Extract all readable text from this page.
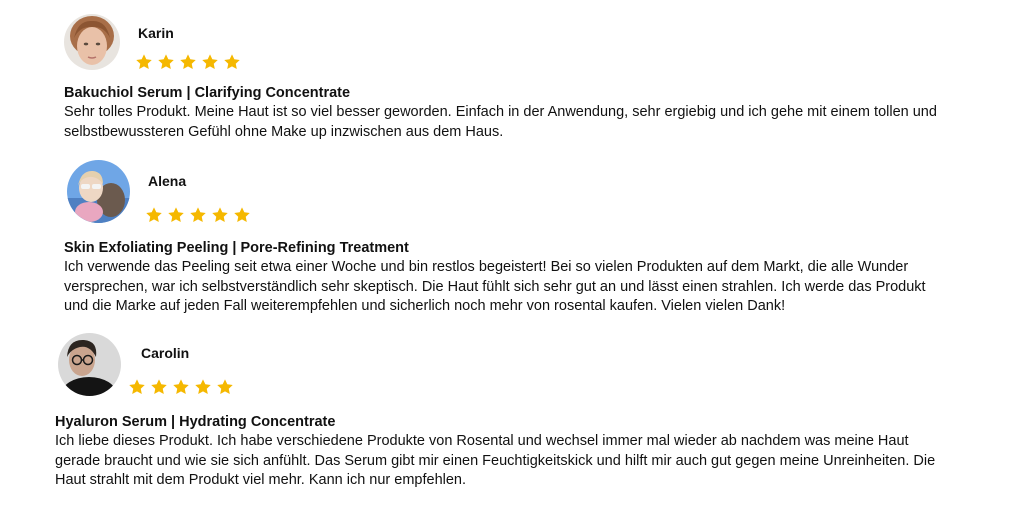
Karin
Bakuchiol Serum | Clarifying Concentrate
Sehr tolles Produkt. Meine Haut ist so viel besser geworden. Einfach in der Anwendung, sehr ergiebig und ich gehe mit einem tollen und
selbstbewussteren Gefühl ohne Make up inzwischen aus dem Haus.
Alena
Skin Exfoliating Peeling | Pore-Refining Treatment
Ich verwende das Peeling seit etwa einer Woche und bin restlos begeistert! Bei so vielen Produkten auf dem Markt, die alle Wunder
versprechen, war ich selbstverständlich sehr skeptisch. Die Haut fühlt sich sehr gut an und lässt einen strahlen. Ich werde das Produkt
und die Marke auf jeden Fall weiterempfehlen und sicherlich noch mehr von rosental kaufen. Vielen vielen Dank!
Carolin
Hyaluron Serum | Hydrating Concentrate
Ich liebe dieses Produkt. Ich habe verschiedene Produkte von Rosental und wechsel immer mal wieder ab nachdem was meine Haut
gerade braucht und wie sie sich anfühlt. Das Serum gibt mir einen Feuchtigkeitskick und hilft mir auch gut gegen meine Unreinheiten. Die
Haut strahlt mit dem Produkt viel mehr. Kann ich nur empfehlen.
